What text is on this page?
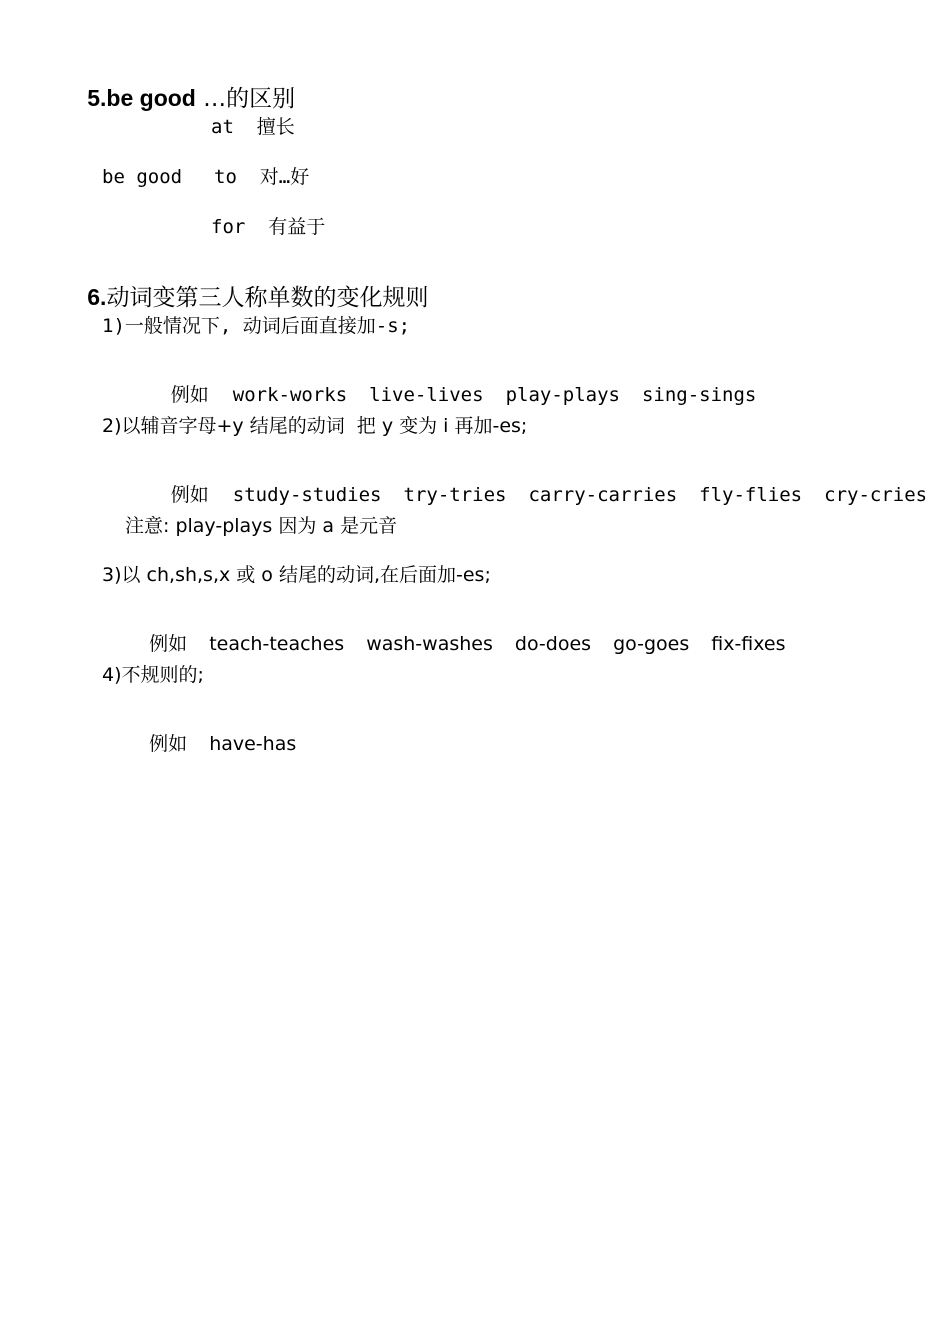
5.be good …的区别

at  擅长
be good to  对…好
for  有益于

6.动词变第三人称单数的变化规则

1)一般情况下, 动词后面直接加-s;

例如 work-works live-lives play-plays sing-sings

2)以辅音字母+y 结尾的动词  把 y 变为 i 再加-es;

例如 study-studies try-tries carry-carries fly-flies cry-cries

注意: play-plays 因为 a 是元音
3)以 ch,sh,s,x 或 o 结尾的动词,在后面加-es;

例如 teach-teaches wash-washes do-does go-goes fix-fixes

4)不规则的;

例如 have-has
